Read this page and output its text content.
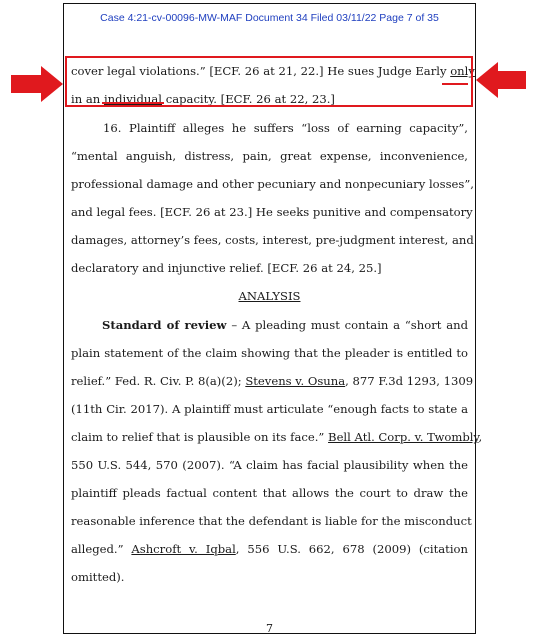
Case 4:21-cv-00096-MW-MAF Document 34 Filed 03/11/22 Page 7 of 35
cover legal violations.” [ECF. 26 at 21, 22.] He sues Judge Early only
in an individual capacity. [ECF. 26 at 22, 23.]
16. Plaintiff alleges he suffers “loss of earning capacity”,
“mental anguish, distress, pain, great expense, inconvenience,
professional damage and other pecuniary and nonpecuniary losses”,
and legal fees. [ECF. 26 at 23.] He seeks punitive and compensatory
damages, attorney’s fees, costs, interest, pre-judgment interest, and
declaratory and injunctive relief. [ECF. 26 at 24, 25.]
ANALYSIS
Standard of review – A pleading must contain a “short and
plain statement of the claim showing that the pleader is entitled to
relief.” Fed. R. Civ. P. 8(a)(2); Stevens v. Osuna, 877 F.3d 1293, 1309
(11th Cir. 2017). A plaintiff must articulate “enough facts to state a
claim to relief that is plausible on its face.” Bell Atl. Corp. v. Twombly,
550 U.S. 544, 570 (2007). “A claim has facial plausibility when the
plaintiff pleads factual content that allows the court to draw the
reasonable inference that the defendant is liable for the misconduct
alleged.” Ashcroft v. Iqbal, 556 U.S. 662, 678 (2009) (citation
omitted).
7
